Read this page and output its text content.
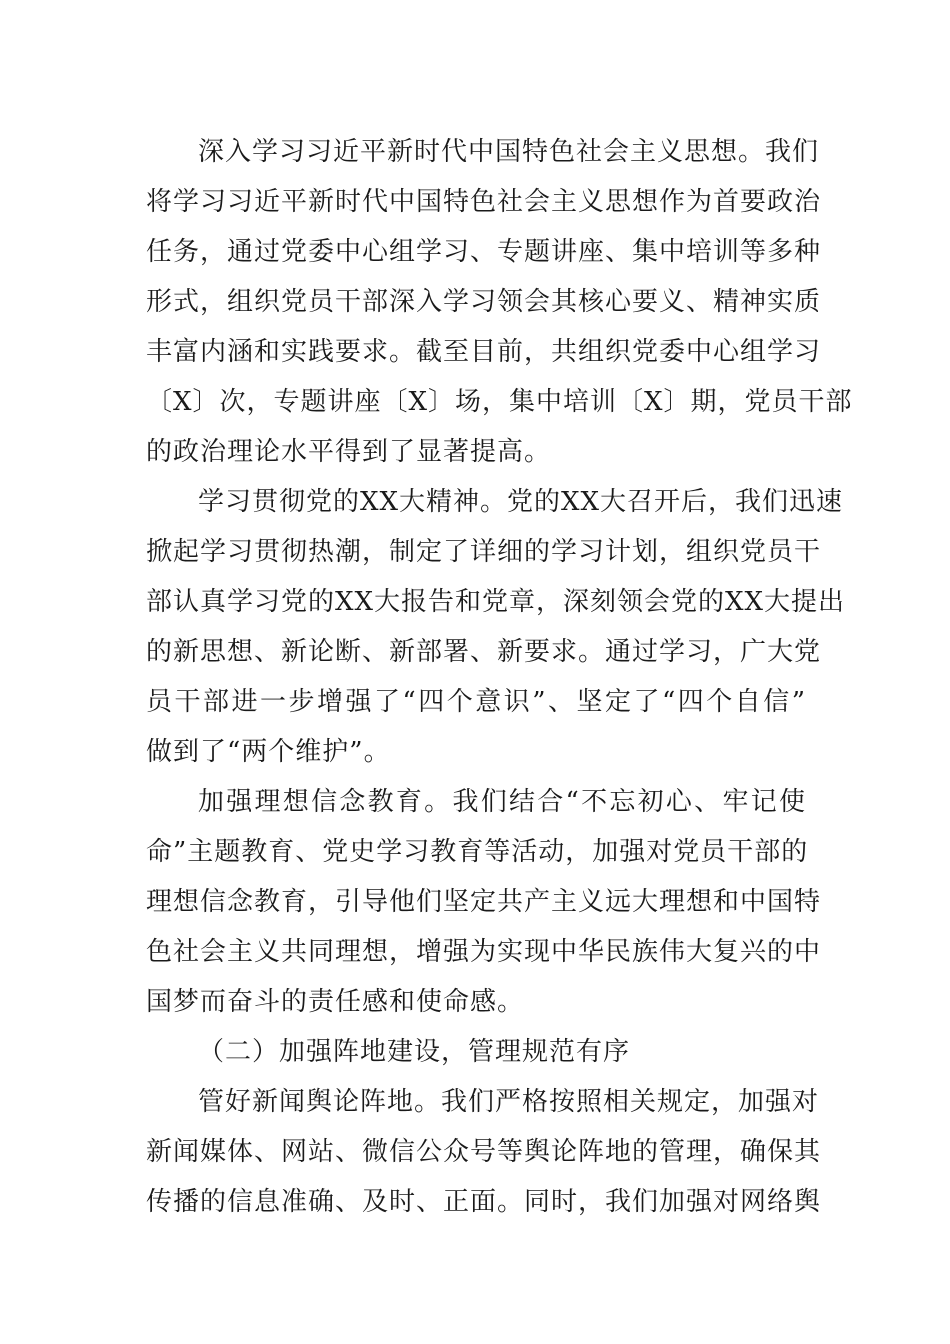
深入学习习近平新时代中国特色社会主义思想。我们
将学习习近平新时代中国特色社会主义思想作为首要政治
任务，通过党委中心组学习、专题讲座、集中培训等多种
形式，组织党员干部深入学习领会其核心要义、精神实质
丰富内涵和实践要求。截至目前，共组织党委中心组学习
〔X〕次，专题讲座〔X〕场，集中培训〔X〕期，党员干部
的政治理论水平得到了显著提高。
学习贯彻党的XX大精神。党的XX大召开后，我们迅速
掀起学习贯彻热潮，制定了详细的学习计划，组织党员干
部认真学习党的XX大报告和党章，深刻领会党的XX大提出
的新思想、新论断、新部署、新要求。通过学习，广大党
员干部进一步增强了“四个意识”、坚定了“四个自信”
做到了“两个维护”。
加强理想信念教育。我们结合“不忘初心、牢记使
命”主题教育、党史学习教育等活动，加强对党员干部的
理想信念教育，引导他们坚定共产主义远大理想和中国特
色社会主义共同理想，增强为实现中华民族伟大复兴的中
国梦而奋斗的责任感和使命感。
（二）加强阵地建设，管理规范有序
管好新闻舆论阵地。我们严格按照相关规定，加强对
新闻媒体、网站、微信公众号等舆论阵地的管理，确保其
传播的信息准确、及时、正面。同时，我们加强对网络舆
